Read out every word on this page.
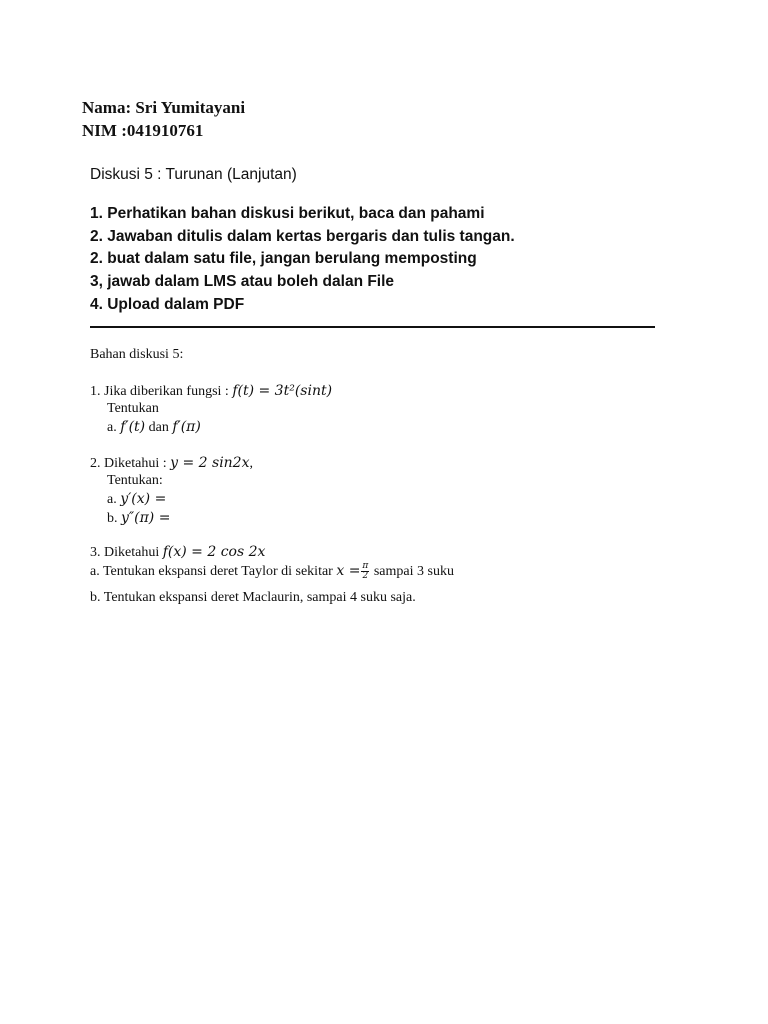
Nama: Sri Yumitayani
NIM :041910761
Diskusi 5 : Turunan (Lanjutan)
1. Perhatikan bahan diskusi berikut, baca dan pahami
2. Jawaban ditulis dalam kertas bergaris dan tulis tangan.
2. buat dalam satu file, jangan berulang memposting
3, jawab dalam LMS atau boleh dalan File
4. Upload dalam PDF
Bahan diskusi 5:
1. Jika diberikan fungsi : f(t) = 3t²(sint)
Tentukan
a. f′(t) dan f′(π)
2. Diketahui : y = 2 sin2x,
Tentukan:
a. y′(x) =
b. y″(π) =
3. Diketahui f(x) = 2 cos 2x
a. Tentukan ekspansi deret Taylor di sekitar $x = \frac{\pi}{2}$ sampai 3 suku
b. Tentukan ekspansi deret Maclaurin, sampai 4 suku saja.
